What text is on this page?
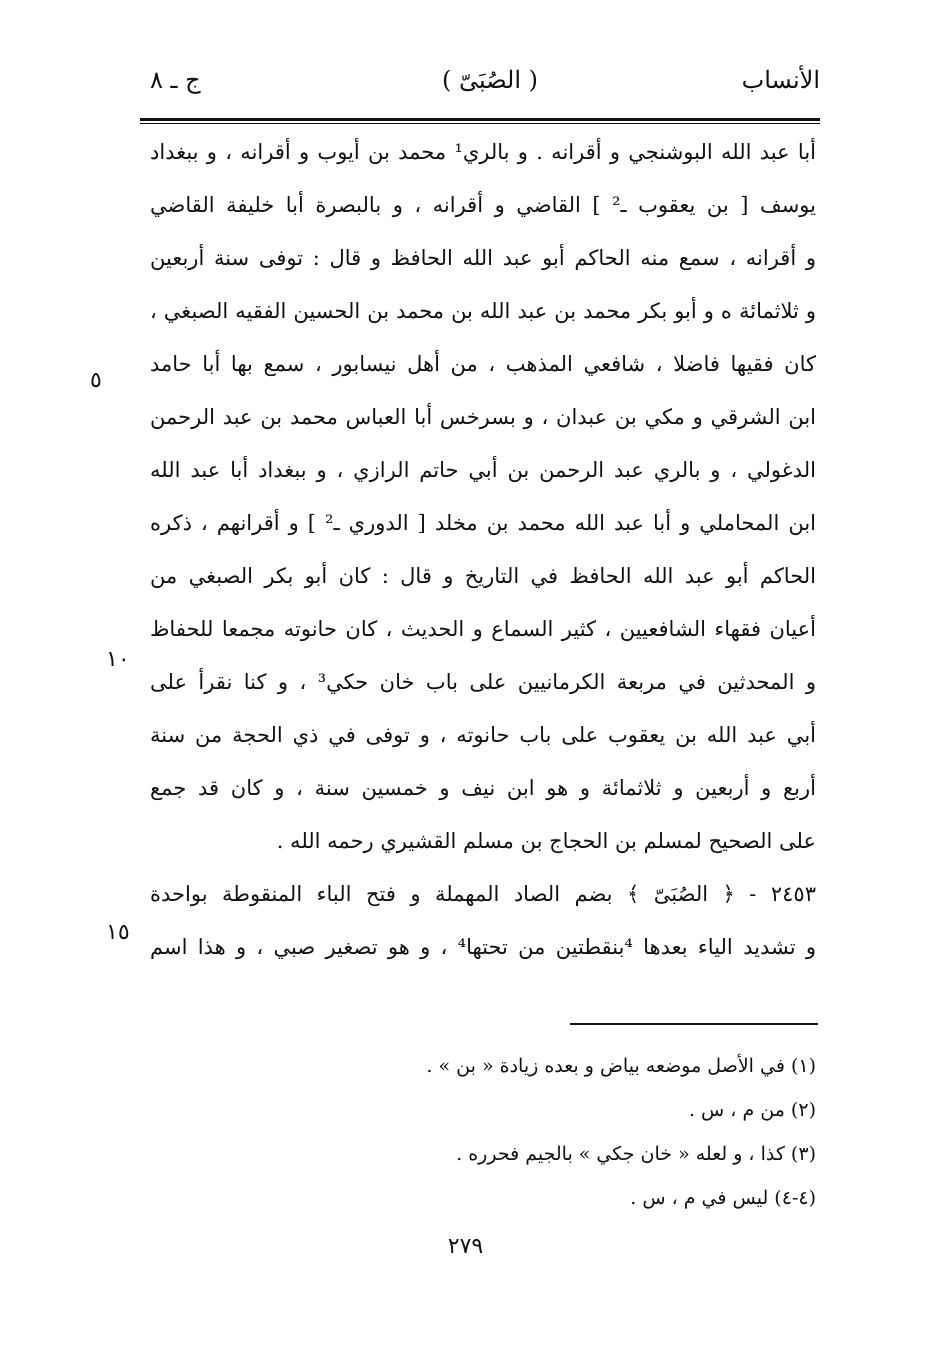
الأنساب
( الصُبَىّ )
ج ـ ٨
أبا عبد الله البوشنجي و أقرانه . و بالري¹ محمد بن أيوب و أقرانه ، و ببغداد
يوسف [ بن يعقوب ـ² ] القاضي و أقرانه ، و بالبصرة أبا خليفة القاضي
و أقرانه ، سمع منه الحاكم أبو عبد الله الحافظ و قال : توفى سنة أربعين
و ثلاثمائة ه و أبو بكر محمد بن عبد الله بن محمد بن الحسين الفقيه الصبغي ،
كان فقيها فاضلا ، شافعي المذهب ، من أهل نيسابور ، سمع بها أبا حامد
ابن الشرقي و مكي بن عبدان ، و بسرخس أبا العباس محمد بن عبد الرحمن
الدغولي ، و بالري عبد الرحمن بن أبي حاتم الرازي ، و ببغداد أبا عبد الله
ابن المحاملي و أبا عبد الله محمد بن مخلد [ الدوري ـ² ] و أقرانهم ، ذكره
الحاكم أبو عبد الله الحافظ في التاريخ و قال : كان أبو بكر الصبغي من
أعيان فقهاء الشافعيين ، كثير السماع و الحديث ، كان حانوته مجمعا للحفاظ
و المحدثين في مربعة الكرمانيين على باب خان حكي³ ، و كنا نقرأ على
أبي عبد الله بن يعقوب على باب حانوته ، و توفى في ذي الحجة من سنة
أربع و أربعين و ثلاثمائة و هو ابن نيف و خمسين سنة ، و كان قد جمع
على الصحيح لمسلم بن الحجاج بن مسلم القشيري رحمه الله .
٢٤٥٣ - ﴿ الصُبَىّ ﴾ بضم الصاد المهملة و فتح الباء المنقوطة بواحدة
و تشديد الياء بعدها ⁴بنقطتين من تحتها⁴ ، و هو تصغير صبي ، و هذا اسم
٥
١٠
١٥
(١) في الأصل موضعه بياض و بعده زيادة « بن » .
(٢) من م ، س .
(٣) كذا ، و لعله « خان جكي » بالجيم فحرره .
(٤-٤) ليس في م ، س .
٢٧٩
